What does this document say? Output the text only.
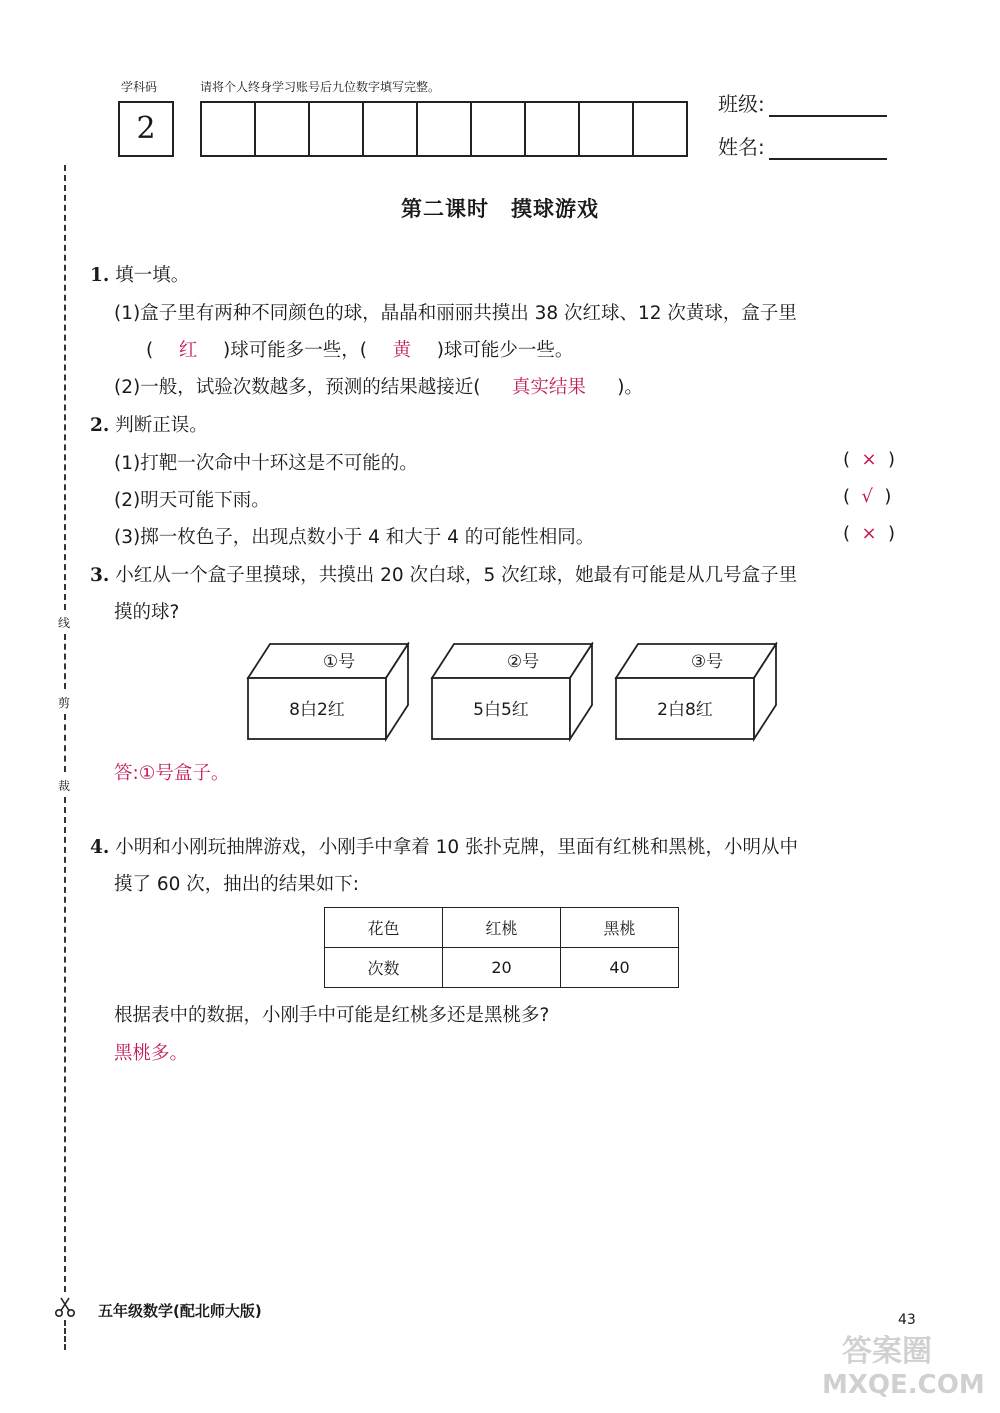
学科码	请将个人终身学习账号后九位数字填写完整。
2
班级:
姓名:
第二课时　摸球游戏
线
剪
裁
1. 填一填。
(1)盒子里有两种不同颜色的球，晶晶和丽丽共摸出 38 次红球、12 次黄球，盒子里
( 红 )球可能多一些，( 黄 )球可能少一些。
(2)一般，试验次数越多，预测的结果越接近( 真实结果 )。
2. 判断正误。
(1)打靶一次命中十环这是不可能的。	(  ×  )
(2)明天可能下雨。	(  √  )
(3)掷一枚色子，出现点数小于 4 和大于 4 的可能性相同。	(  ×  )
3. 小红从一个盒子里摸球，共摸出 20 次白球，5 次红球，她最有可能是从几号盒子里
摸的球?
①号
8白2红
②号
5白5红
③号
2白8红
答:①号盒子。
4. 小明和小刚玩抽牌游戏，小刚手中拿着 10 张扑克牌，里面有红桃和黑桃，小明从中
摸了 60 次，抽出的结果如下:
花色	红桃	黑桃
次数	20	40
根据表中的数据，小刚手中可能是红桃多还是黑桃多?
黑桃多。
五年级数学(配北师大版)	43
答案圈
MXQE.COM
